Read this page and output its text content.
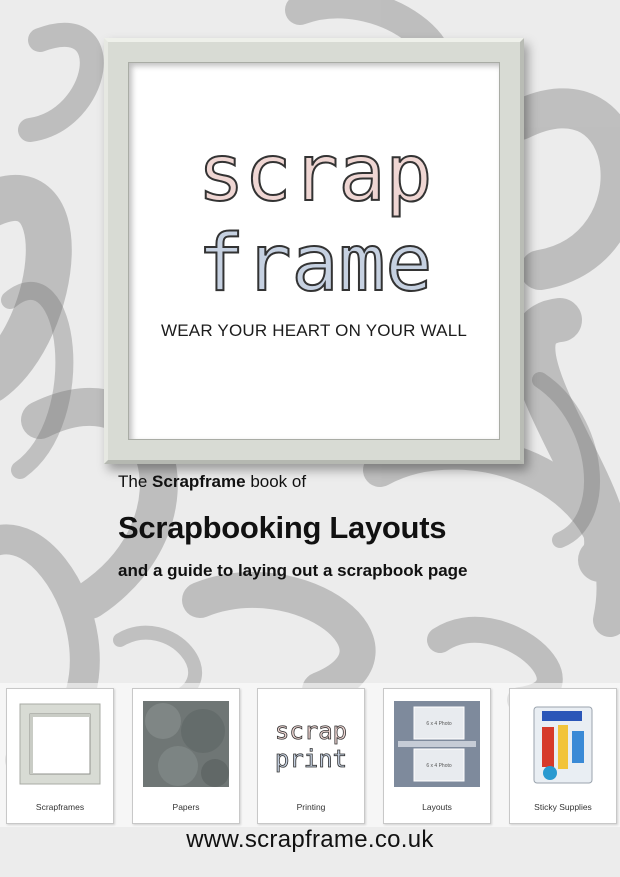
scrap
frame
WEAR YOUR HEART ON YOUR WALL
The Scrapframe book of
Scrapbooking Layouts
and a guide to laying out a scrapbook page
Scrapframes	Papers
scrap
print
Printing
6 x 4 Photo
6 x 4 Photo
Layouts	Sticky Supplies
www.scrapframe.co.uk
